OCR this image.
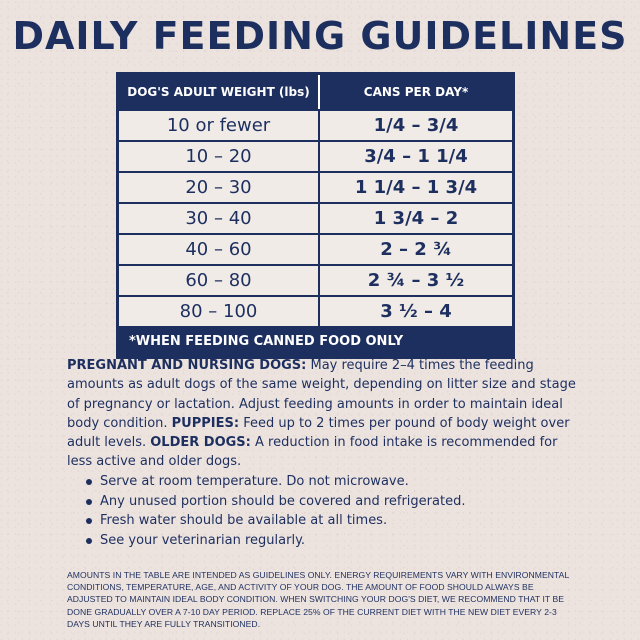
DAILY FEEDING GUIDELINES
DOG'S ADULT WEIGHT (lbs)	CANS PER DAY*
10 or fewer	1/4 – 3/4
10 – 20	3/4 – 1 1/4
20 – 30	1 1/4 – 1 3/4
30 – 40	1 3/4 – 2
40 – 60	2 – 2 ¾
60 – 80	2 ¾ – 3 ½
80 – 100	3 ½ – 4
*WHEN FEEDING CANNED FOOD ONLY
PREGNANT AND NURSING DOGS: May require 2–4 times the feeding amounts as adult dogs of the same weight, depending on litter size and stage of pregnancy or lactation. Adjust feeding amounts in order to maintain ideal body condition. PUPPIES: Feed up to 2 times per pound of body weight over adult levels. OLDER DOGS: A reduction in food intake is recommended for less active and older dogs.
Serve at room temperature. Do not microwave.
Any unused portion should be covered and refrigerated.
Fresh water should be available at all times.
See your veterinarian regularly.
AMOUNTS IN THE TABLE ARE INTENDED AS GUIDELINES ONLY. ENERGY REQUIREMENTS VARY WITH ENVIRONMENTAL CONDITIONS, TEMPERATURE, AGE, AND ACTIVITY OF YOUR DOG. THE AMOUNT OF FOOD SHOULD ALWAYS BE ADJUSTED TO MAINTAIN IDEAL BODY CONDITION. WHEN SWITCHING YOUR DOG'S DIET, WE RECOMMEND THAT IT BE DONE GRADUALLY OVER A 7-10 DAY PERIOD. REPLACE 25% OF THE CURRENT DIET WITH THE NEW DIET EVERY 2-3 DAYS UNTIL THEY ARE FULLY TRANSITIONED.
